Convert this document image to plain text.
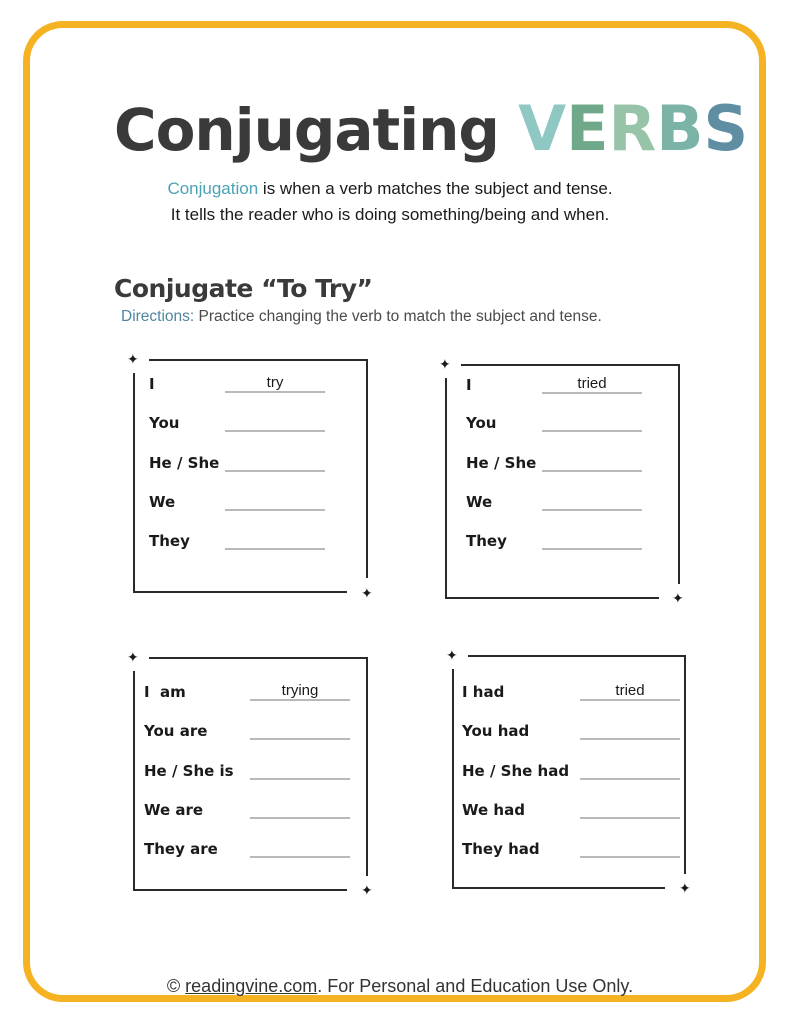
Conjugating VERBS
Conjugation is when a verb matches the subject and tense.
It tells the reader who is doing something/being and when.
Conjugate “To Try”
Directions: Practice changing the verb to match the subject and tense.
I	try
You
He / She
We
They
✦
✦
I	tried
You
He / She
We
They
✦
✦
I  am	trying
You are
He / She is
We are
They are
✦
✦
I had	tried
You had
He / She had
We had
They had
✦
✦
© readingvine.com. For Personal and Education Use Only.
